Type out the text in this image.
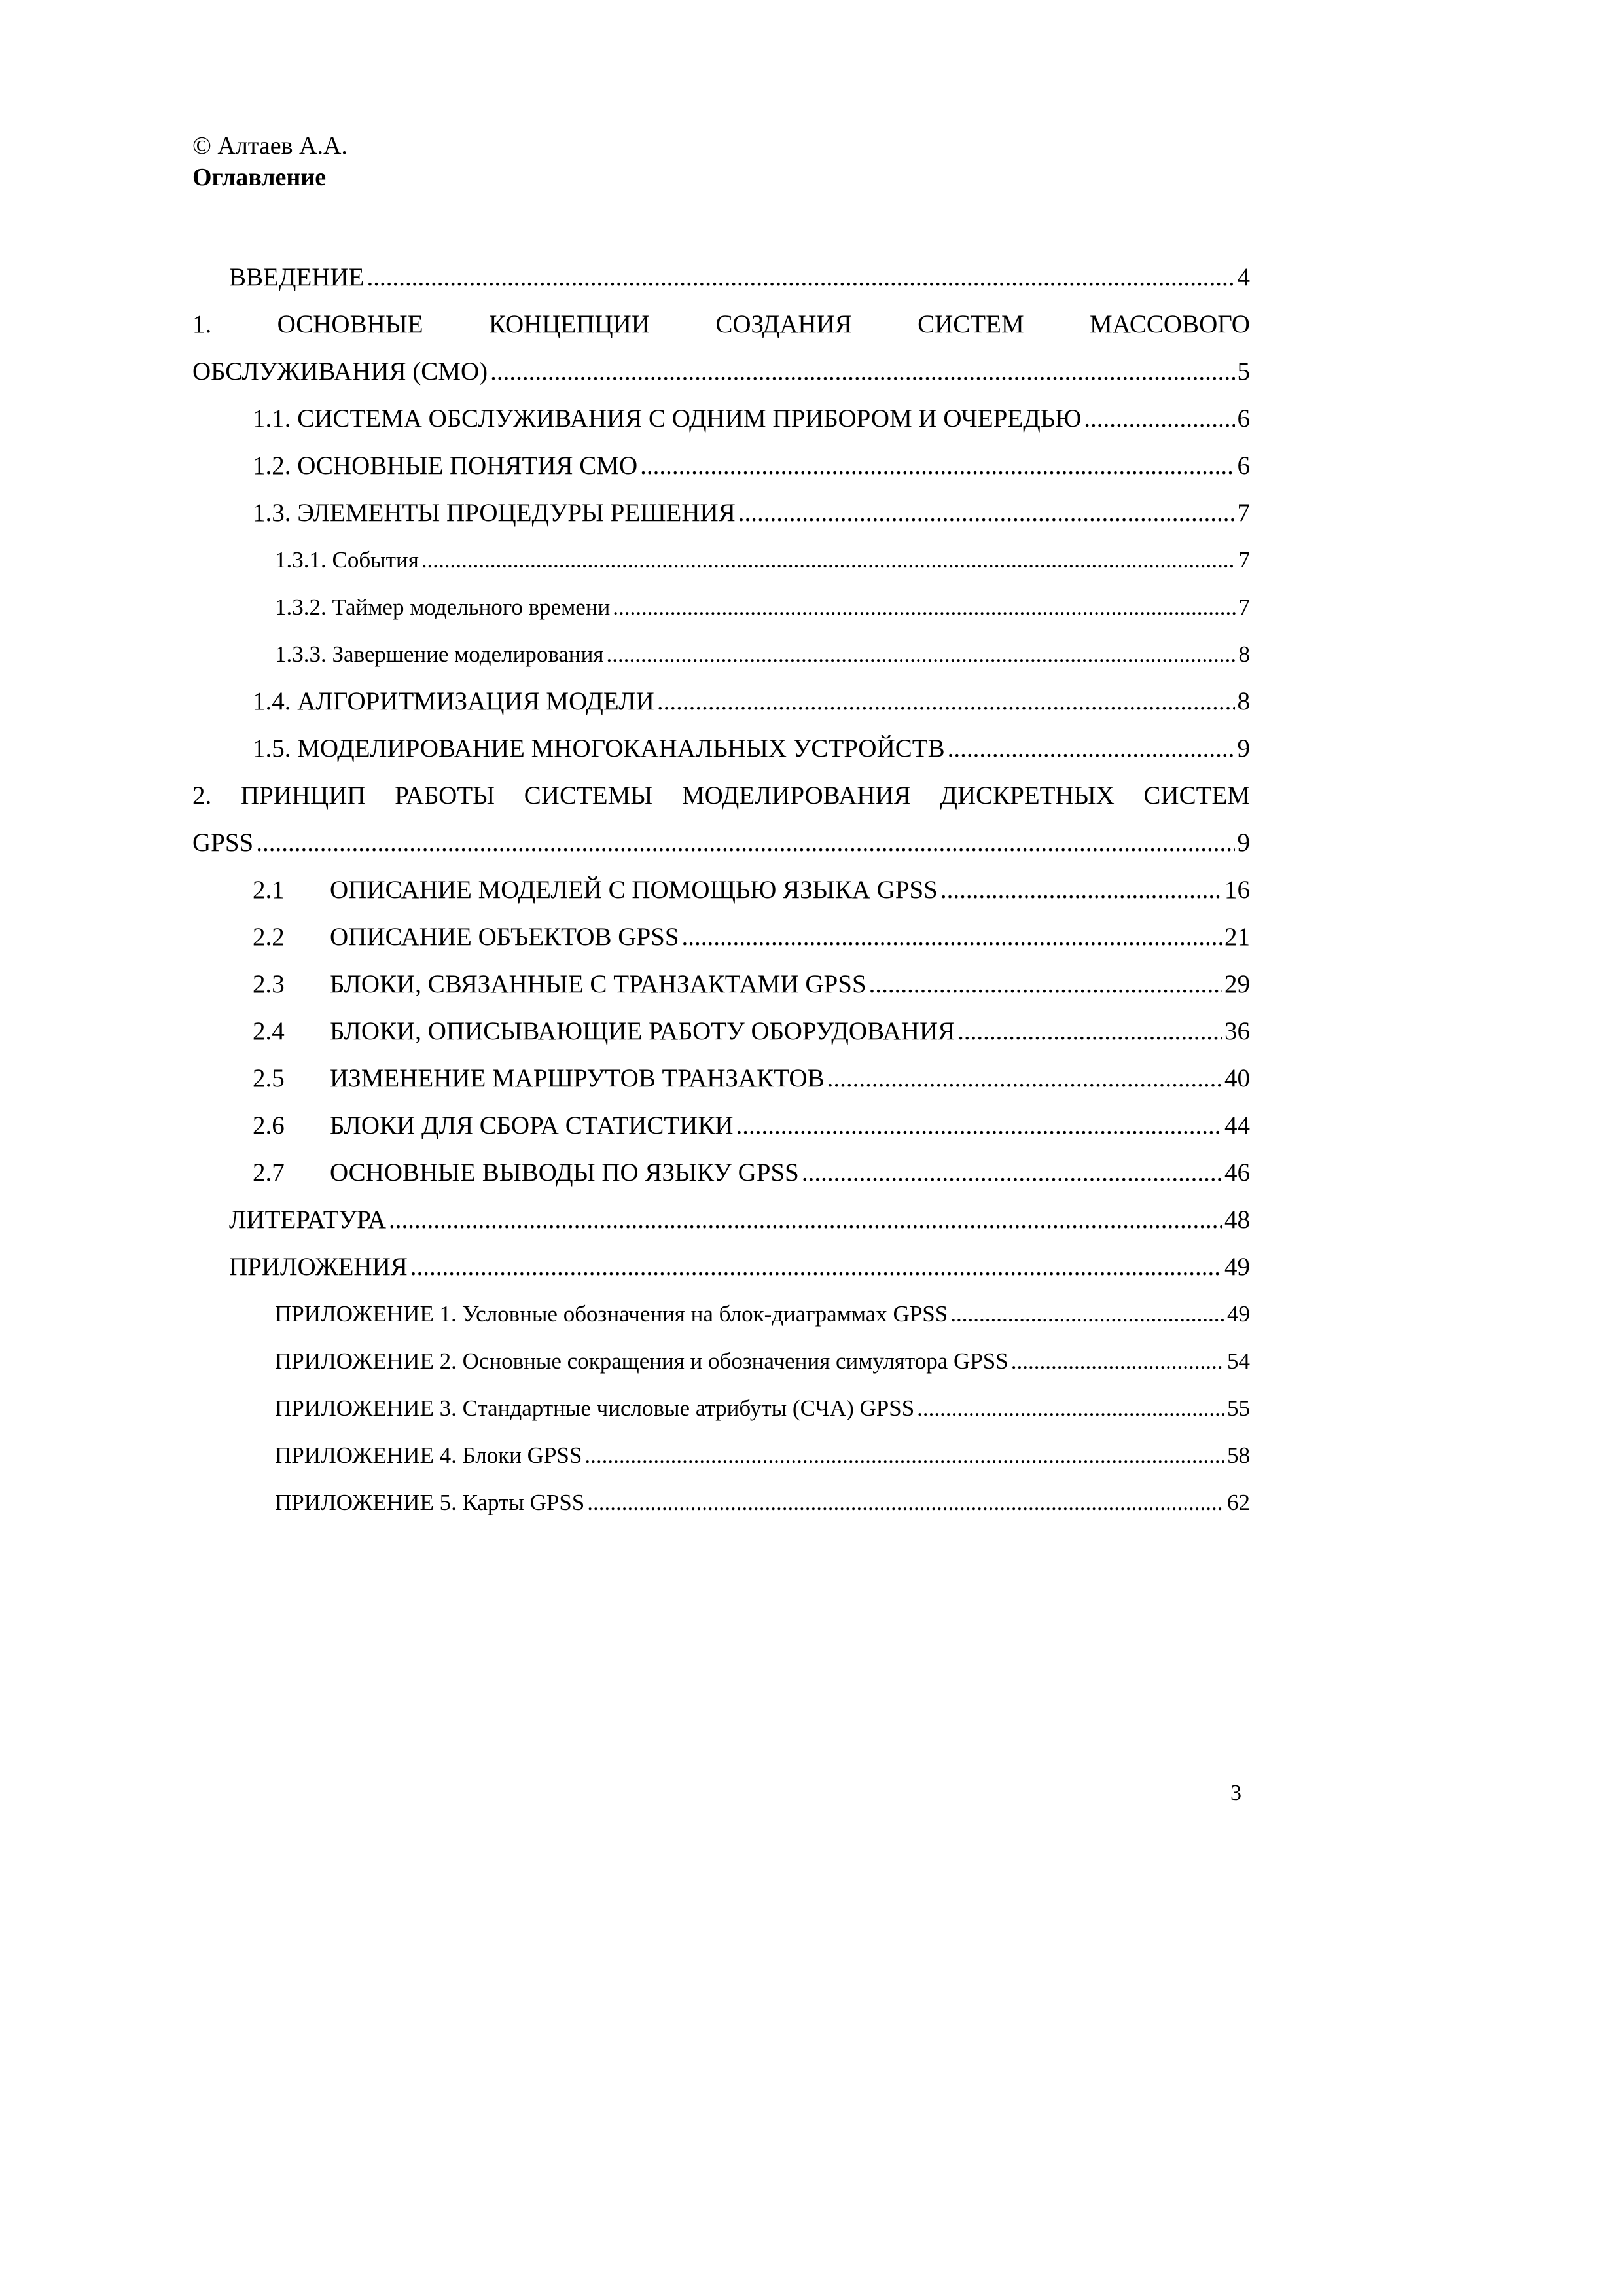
© Алтаев А.А.
Оглавление
ВВЕДЕНИЕ .....	4
1.	ОСНОВНЫЕ	КОНЦЕПЦИИ	СОЗДАНИЯ	СИСТЕМ	МАССОВОГО
ОБСЛУЖИВАНИЯ (СМО) .....	5
1.1. СИСТЕМА ОБСЛУЖИВАНИЯ С ОДНИМ ПРИБОРОМ И ОЧЕРЕДЬЮ .....	6
1.2. ОСНОВНЫЕ ПОНЯТИЯ СМО .....	6
1.3. ЭЛЕМЕНТЫ ПРОЦЕДУРЫ РЕШЕНИЯ .....	7
1.3.1. События .....	7
1.3.2. Таймер модельного времени .....	7
1.3.3. Завершение моделирования .....	8
1.4. АЛГОРИТМИЗАЦИЯ МОДЕЛИ .....	8
1.5. МОДЕЛИРОВАНИЕ МНОГОКАНАЛЬНЫХ УСТРОЙСТВ .....	9
2. ПРИНЦИП РАБОТЫ СИСТЕМЫ МОДЕЛИРОВАНИЯ ДИСКРЕТНЫХ СИСТЕМ
GPSS .....	9
2.1	ОПИСАНИЕ МОДЕЛЕЙ С ПОМОЩЬЮ ЯЗЫКА GPSS .....	16
2.2	ОПИСАНИЕ ОБЪЕКТОВ GPSS .....	21
2.3	БЛОКИ, СВЯЗАННЫЕ С ТРАНЗАКТАМИ GPSS .....	29
2.4	БЛОКИ, ОПИСЫВАЮЩИЕ РАБОТУ ОБОРУДОВАНИЯ .....	36
2.5	ИЗМЕНЕНИЕ МАРШРУТОВ ТРАНЗАКТОВ .....	40
2.6	БЛОКИ ДЛЯ СБОРА СТАТИСТИКИ .....	44
2.7	ОСНОВНЫЕ ВЫВОДЫ ПО ЯЗЫКУ GPSS .....	46
ЛИТЕРАТУРА .....	48
ПРИЛОЖЕНИЯ .....	49
ПРИЛОЖЕНИЕ 1. Условные обозначения на блок-диаграммах GPSS .....	49
ПРИЛОЖЕНИЕ 2. Основные сокращения и обозначения симулятора GPSS .....	54
ПРИЛОЖЕНИЕ 3. Стандартные числовые атрибуты (СЧА) GPSS .....	55
ПРИЛОЖЕНИЕ 4. Блоки GPSS .....	58
ПРИЛОЖЕНИЕ 5. Карты GPSS .....	62
3
